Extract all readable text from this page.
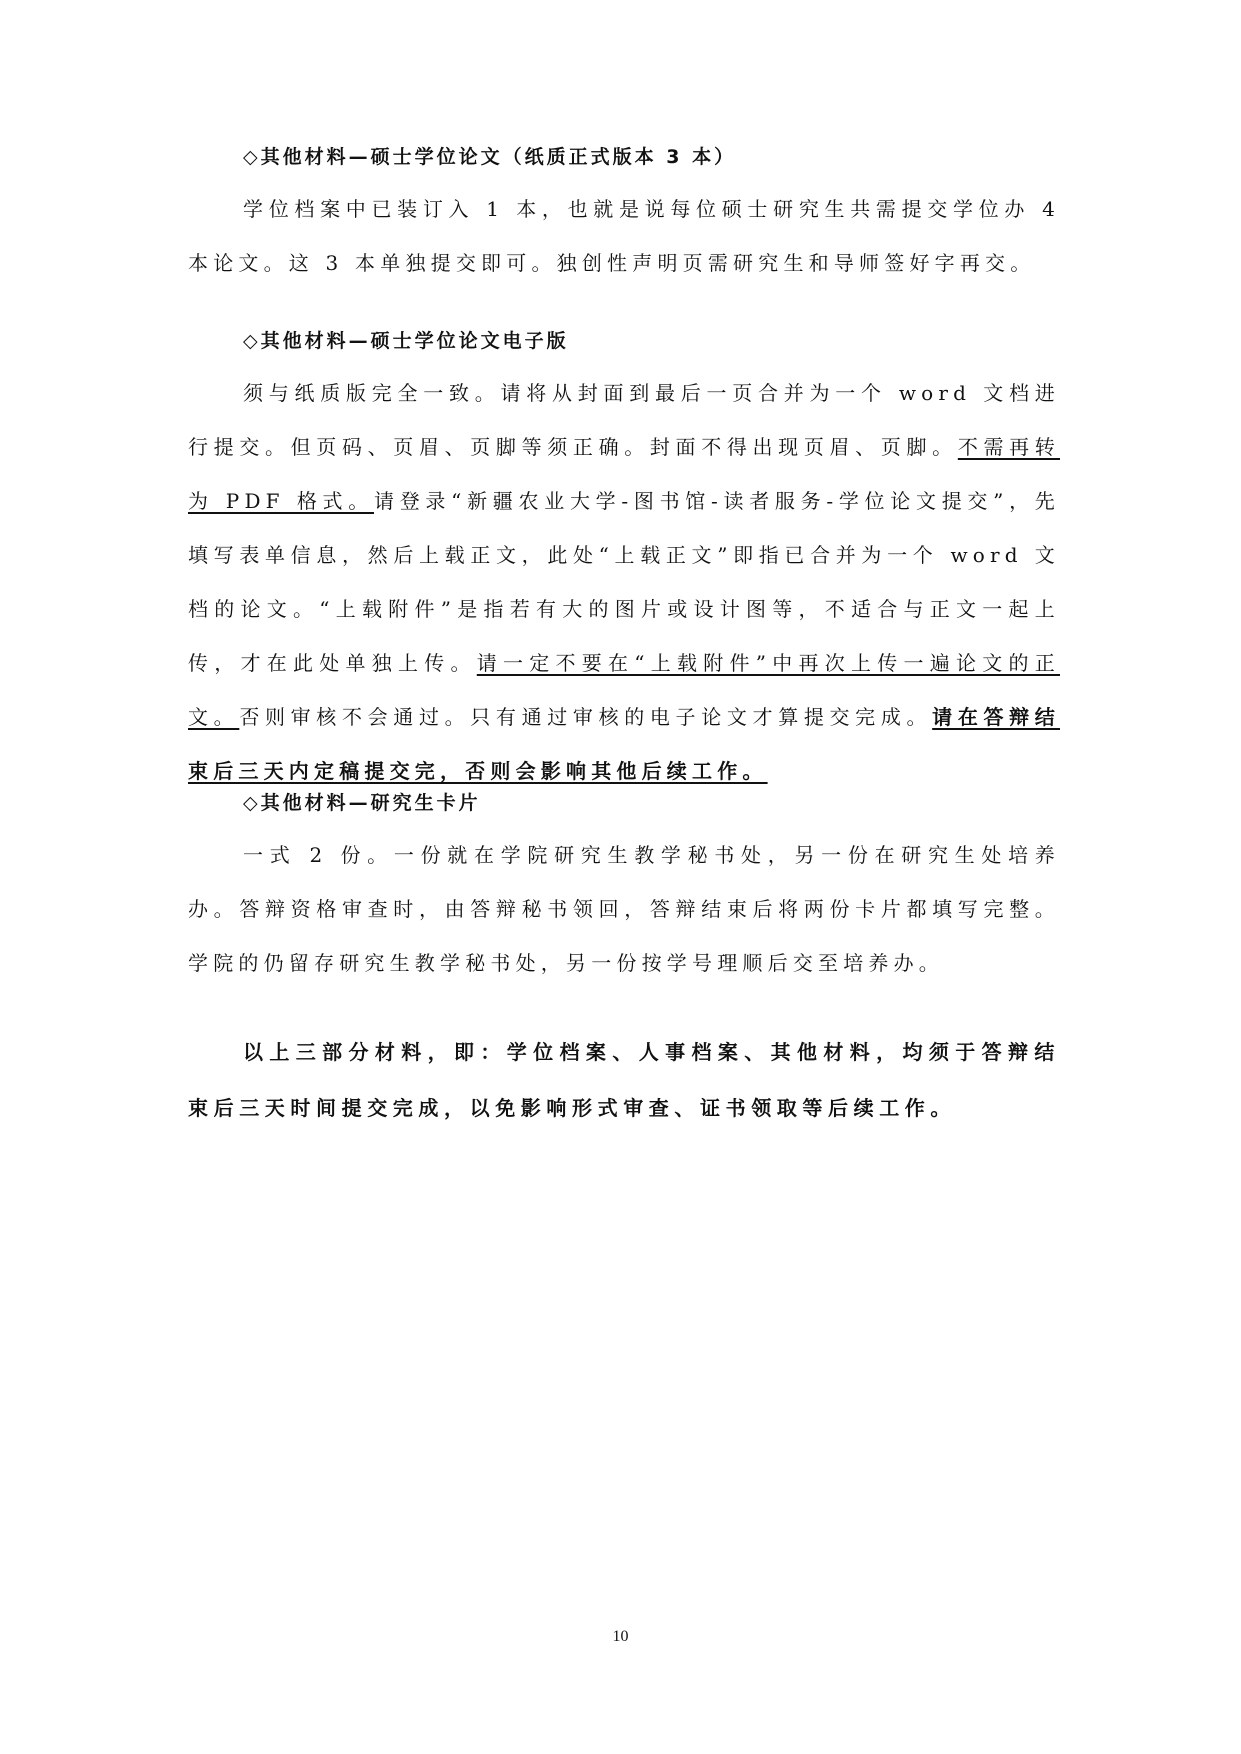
◇其他材料—硕士学位论文（纸质正式版本 3 本）
学位档案中已装订入 1 本，也就是说每位硕士研究生共需提交学位办 4 本论文。这 3 本单独提交即可。独创性声明页需研究生和导师签好字再交。
◇其他材料—硕士学位论文电子版
须与纸质版完全一致。请将从封面到最后一页合并为一个 word 文档进行提交。但页码、页眉、页脚等须正确。封面不得出现页眉、页脚。不需再转为 PDF 格式。请登录“新疆农业大学-图书馆-读者服务-学位论文提交”，先填写表单信息，然后上载正文，此处“上载正文”即指已合并为一个 word 文档的论文。“上载附件”是指若有大的图片或设计图等，不适合与正文一起上传，才在此处单独上传。请一定不要在“上载附件”中再次上传一遍论文的正文。否则审核不会通过。只有通过审核的电子论文才算提交完成。请在答辩结束后三天内定稿提交完，否则会影响其他后续工作。
◇其他材料—研究生卡片
一式 2 份。一份就在学院研究生教学秘书处，另一份在研究生处培养办。答辩资格审查时，由答辩秘书领回，答辩结束后将两份卡片都填写完整。学院的仍留存研究生教学秘书处，另一份按学号理顺后交至培养办。
以上三部分材料，即：学位档案、人事档案、其他材料，均须于答辩结束后三天时间提交完成，以免影响形式审查、证书领取等后续工作。
10
